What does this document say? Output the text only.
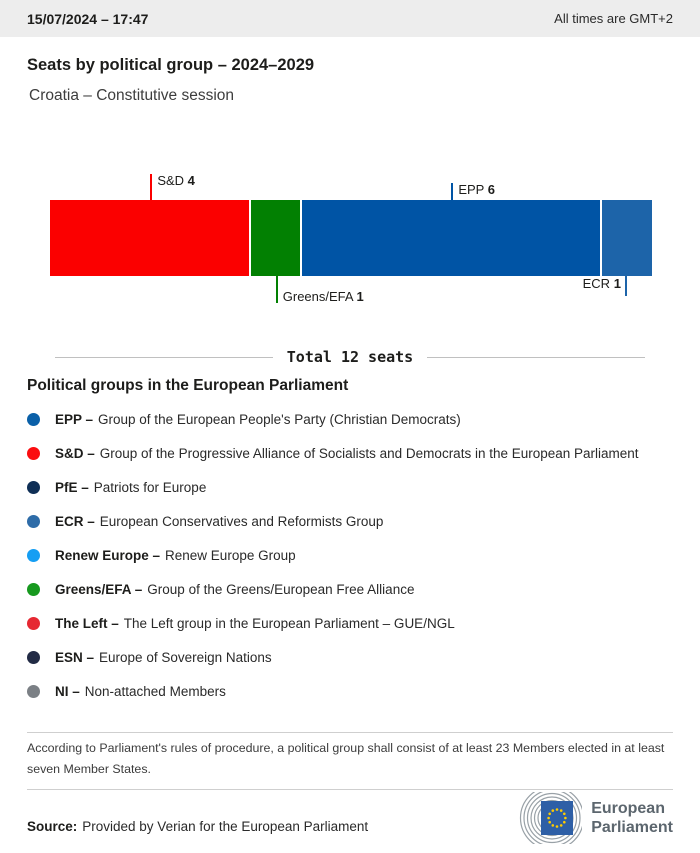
15/07/2024 – 17:47	All times are GMT+2
Seats by political group – 2024–2029
Croatia – Constitutive session
S&D 4
Greens/EFA 1
EPP 6
ECR 1
Total 12 seats
Political groups in the European Parliament
EPP – Group of the European People's Party (Christian Democrats)
S&D – Group of the Progressive Alliance of Socialists and Democrats in the European Parliament
PfE – Patriots for Europe
ECR – European Conservatives and Reformists Group
Renew Europe – Renew Europe Group
Greens/EFA – Group of the Greens/European Free Alliance
The Left – The Left group in the European Parliament – GUE/NGL
ESN – Europe of Sovereign Nations
NI – Non-attached Members

According to Parliament's rules of procedure, a political group shall consist of at least 23 Members elected in at least seven Member States.

Source: Provided by Verian for the European Parliament
European
Parliament
